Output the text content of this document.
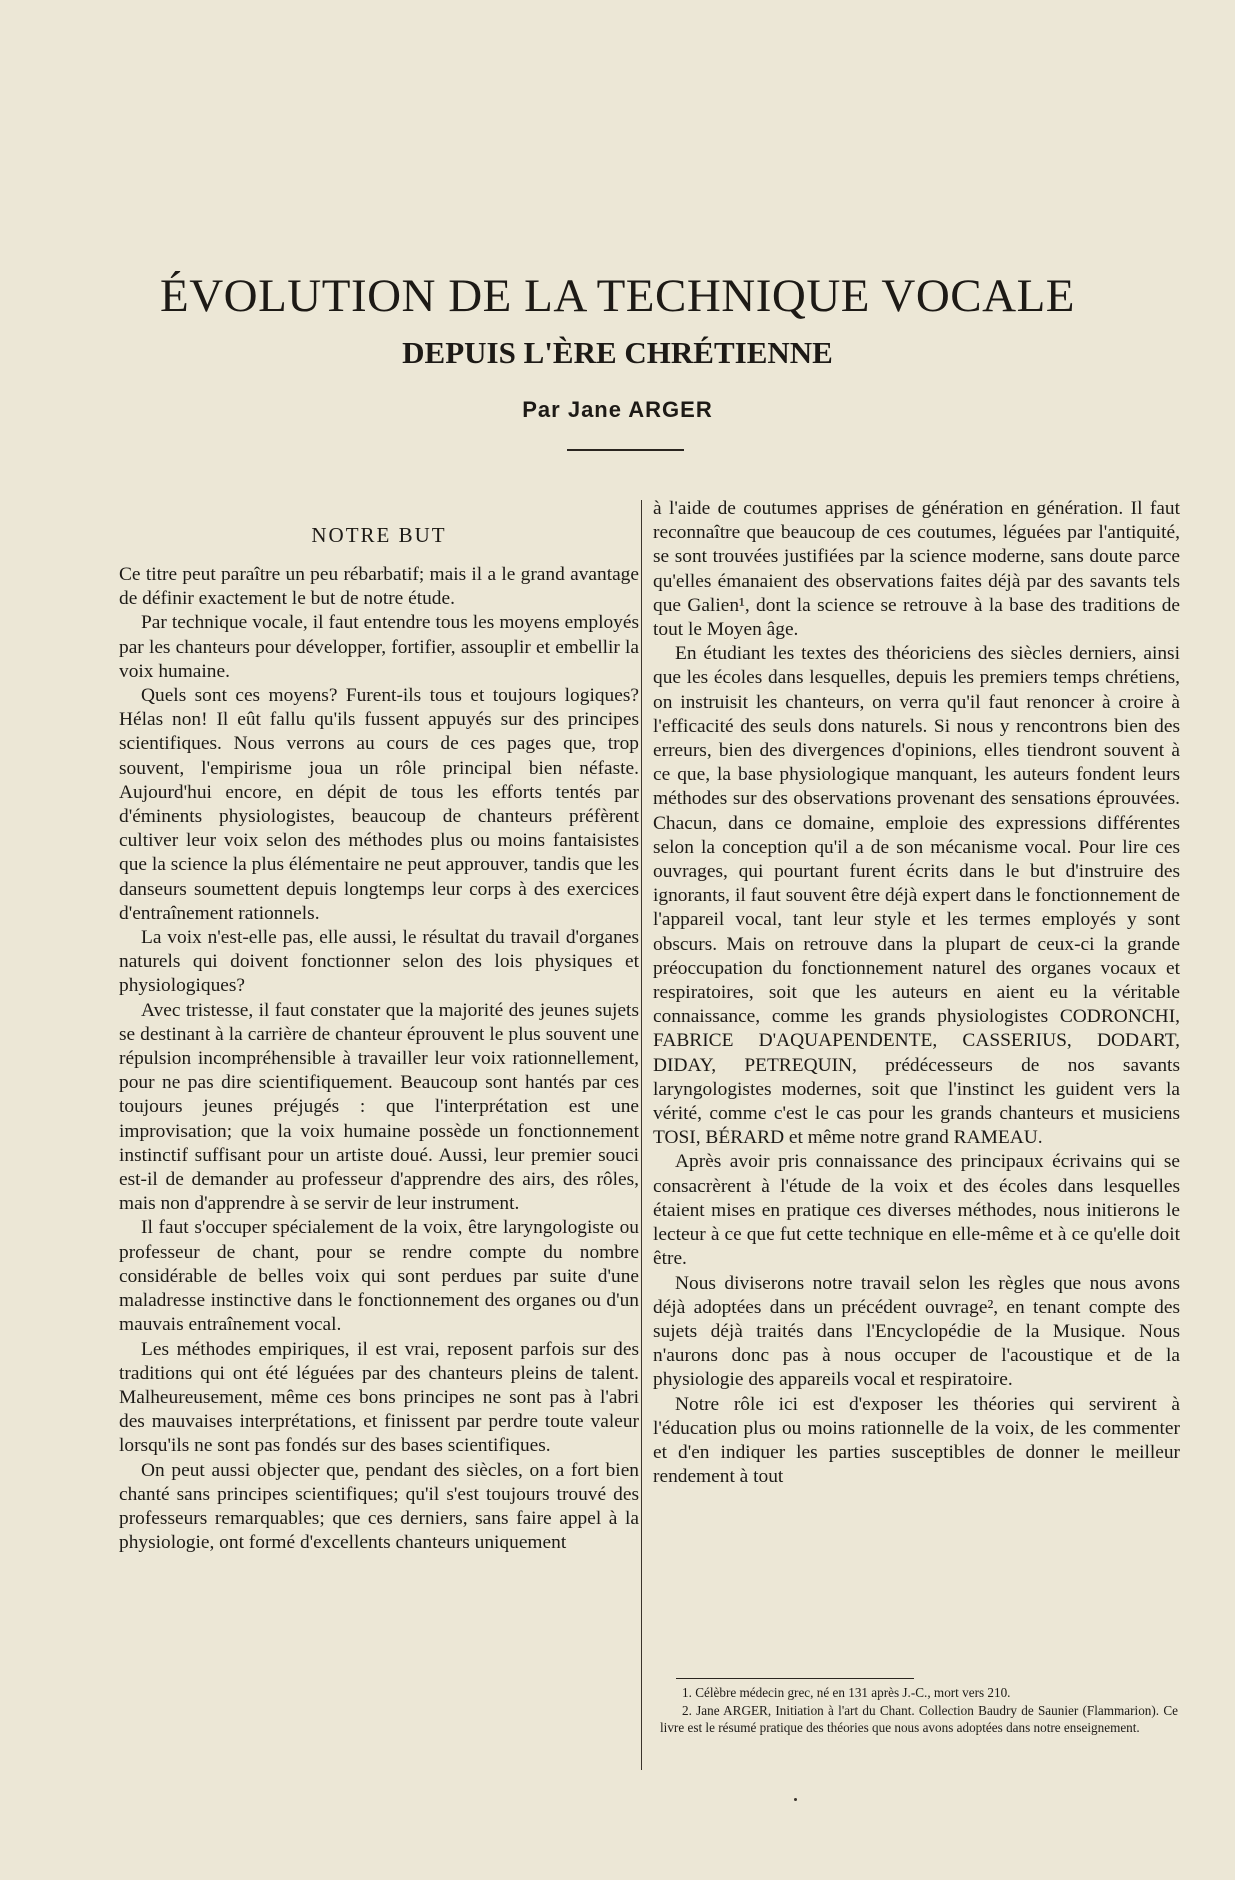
ÉVOLUTION DE LA TECHNIQUE VOCALE
DEPUIS L'ÈRE CHRÉTIENNE
Par Jane ARGER
NOTRE BUT

Ce titre peut paraître un peu rébarbatif; mais il a le grand avantage de définir exactement le but de notre étude.

Par technique vocale, il faut entendre tous les moyens employés par les chanteurs pour développer, fortifier, assouplir et embellir la voix humaine.

Quels sont ces moyens? Furent-ils tous et toujours logiques? Hélas non! Il eût fallu qu'ils fussent appuyés sur des principes scientifiques. Nous verrons au cours de ces pages que, trop souvent, l'empirisme joua un rôle principal bien néfaste. Aujourd'hui encore, en dépit de tous les efforts tentés par d'éminents physiologistes, beaucoup de chanteurs préfèrent cultiver leur voix selon des méthodes plus ou moins fantaisistes que la science la plus élémentaire ne peut approuver, tandis que les danseurs soumettent depuis longtemps leur corps à des exercices d'entraînement rationnels.

La voix n'est-elle pas, elle aussi, le résultat du travail d'organes naturels qui doivent fonctionner selon des lois physiques et physiologiques?

Avec tristesse, il faut constater que la majorité des jeunes sujets se destinant à la carrière de chanteur éprouvent le plus souvent une répulsion incompréhensible à travailler leur voix rationnellement, pour ne pas dire scientifiquement. Beaucoup sont hantés par ces toujours jeunes préjugés : que l'interprétation est une improvisation; que la voix humaine possède un fonctionnement instinctif suffisant pour un artiste doué. Aussi, leur premier souci est-il de demander au professeur d'apprendre des airs, des rôles, mais non d'apprendre à se servir de leur instrument.

Il faut s'occuper spécialement de la voix, être laryngologiste ou professeur de chant, pour se rendre compte du nombre considérable de belles voix qui sont perdues par suite d'une maladresse instinctive dans le fonctionnement des organes ou d'un mauvais entraînement vocal.

Les méthodes empiriques, il est vrai, reposent parfois sur des traditions qui ont été léguées par des chanteurs pleins de talent. Malheureusement, même ces bons principes ne sont pas à l'abri des mauvaises interprétations, et finissent par perdre toute valeur lorsqu'ils ne sont pas fondés sur des bases scientifiques.

On peut aussi objecter que, pendant des siècles, on a fort bien chanté sans principes scientifiques; qu'il s'est toujours trouvé des professeurs remarquables; que ces derniers, sans faire appel à la physiologie, ont formé d'excellents chanteurs uniquement

à l'aide de coutumes apprises de génération en génération. Il faut reconnaître que beaucoup de ces coutumes, léguées par l'antiquité, se sont trouvées justifiées par la science moderne, sans doute parce qu'elles émanaient des observations faites déjà par des savants tels que Galien¹, dont la science se retrouve à la base des traditions de tout le Moyen âge.

En étudiant les textes des théoriciens des siècles derniers, ainsi que les écoles dans lesquelles, depuis les premiers temps chrétiens, on instruisit les chanteurs, on verra qu'il faut renoncer à croire à l'efficacité des seuls dons naturels. Si nous y rencontrons bien des erreurs, bien des divergences d'opinions, elles tiendront souvent à ce que, la base physiologique manquant, les auteurs fondent leurs méthodes sur des observations provenant des sensations éprouvées. Chacun, dans ce domaine, emploie des expressions différentes selon la conception qu'il a de son mécanisme vocal. Pour lire ces ouvrages, qui pourtant furent écrits dans le but d'instruire des ignorants, il faut souvent être déjà expert dans le fonctionnement de l'appareil vocal, tant leur style et les termes employés y sont obscurs. Mais on retrouve dans la plupart de ceux-ci la grande préoccupation du fonctionnement naturel des organes vocaux et respiratoires, soit que les auteurs en aient eu la véritable connaissance, comme les grands physiologistes CODRONCHI, FABRICE D'AQUAPENDENTE, CASSERIUS, DODART, DIDAY, PETREQUIN, prédécesseurs de nos savants laryngologistes modernes, soit que l'instinct les guident vers la vérité, comme c'est le cas pour les grands chanteurs et musiciens TOSI, BÉRARD et même notre grand RAMEAU.

Après avoir pris connaissance des principaux écrivains qui se consacrèrent à l'étude de la voix et des écoles dans lesquelles étaient mises en pratique ces diverses méthodes, nous initierons le lecteur à ce que fut cette technique en elle-même et à ce qu'elle doit être.

Nous diviserons notre travail selon les règles que nous avons déjà adoptées dans un précédent ouvrage², en tenant compte des sujets déjà traités dans l'Encyclopédie de la Musique. Nous n'aurons donc pas à nous occuper de l'acoustique et de la physiologie des appareils vocal et respiratoire.

Notre rôle ici est d'exposer les théories qui servirent à l'éducation plus ou moins rationnelle de la voix, de les commenter et d'en indiquer les parties susceptibles de donner le meilleur rendement à tout

1. Célèbre médecin grec, né en 131 après J.-C., mort vers 210.

2. Jane ARGER, Initiation à l'art du Chant. Collection Baudry de Saunier (Flammarion). Ce livre est le résumé pratique des théories que nous avons adoptées dans notre enseignement.
